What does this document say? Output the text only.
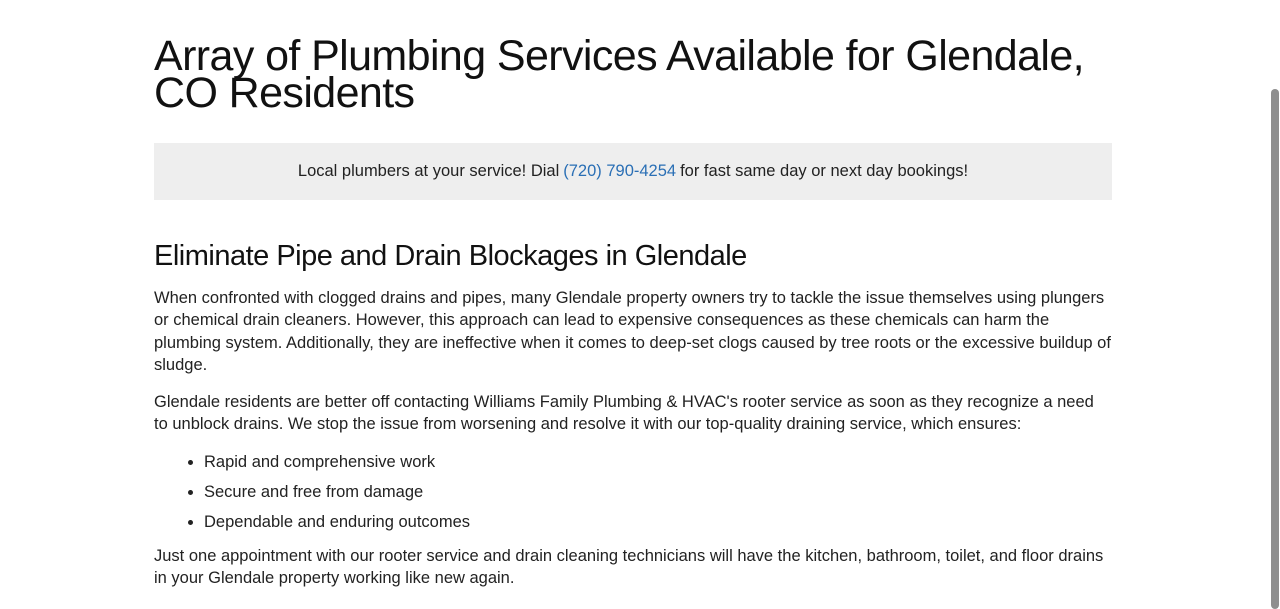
Array of Plumbing Services Available for Glendale, CO Residents
Local plumbers at your service! Dial (720) 790-4254 for fast same day or next day bookings!
Eliminate Pipe and Drain Blockages in Glendale

When confronted with clogged drains and pipes, many Glendale property owners try to tackle the issue themselves using plungers or chemical drain cleaners. However, this approach can lead to expensive consequences as these chemicals can harm the plumbing system. Additionally, they are ineffective when it comes to deep-set clogs caused by tree roots or the excessive buildup of sludge.

Glendale residents are better off contacting Williams Family Plumbing & HVAC's rooter service as soon as they recognize a need to unblock drains. We stop the issue from worsening and resolve it with our top-quality draining service, which ensures:

• Rapid and comprehensive work
• Secure and free from damage
• Dependable and enduring outcomes

Just one appointment with our rooter service and drain cleaning technicians will have the kitchen, bathroom, toilet, and floor drains in your Glendale property working like new again.
